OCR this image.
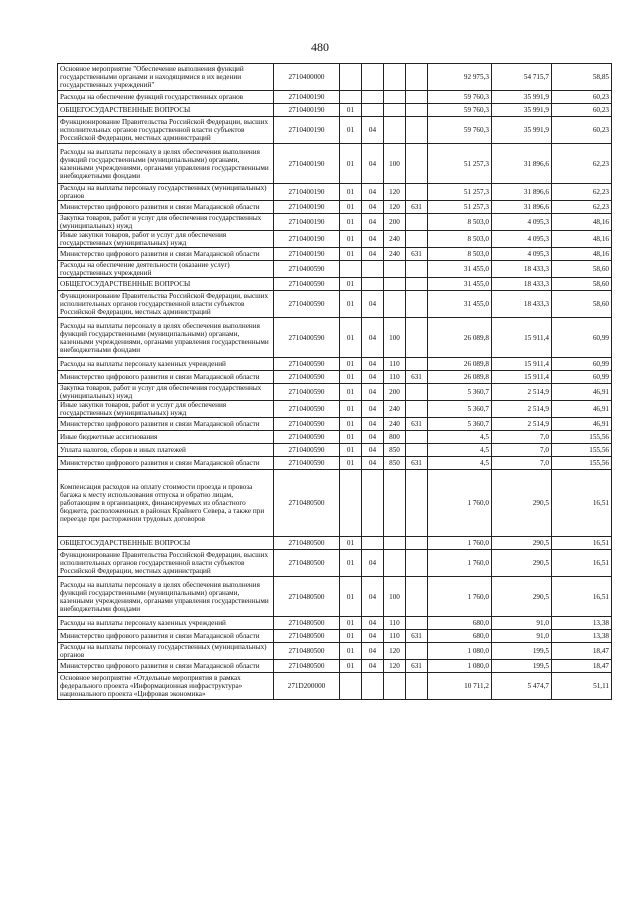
480
Основное мероприятие "Обеспечение выполнения функций государственными органами и находящимися в их ведении государственных учреждений"	2710400000					92 975,3	54 715,7	58,85
Расходы на обеспечение функций государственных органов	2710400190					59 760,3	35 991,9	60,23
ОБЩЕГОСУДАРСТВЕННЫЕ ВОПРОСЫ	2710400190	01				59 760,3	35 991,9	60,23
Функционирование Правительства Российской Федерации, высших исполнительных органов государственной власти субъектов Российской Федерации, местных администраций	2710400190	01	04			59 760,3	35 991,9	60,23
Расходы на выплаты персоналу в целях обеспечения выполнения функций государственными (муниципальными) органами, казенными учреждениями, органами управления государственными внебюджетными фондами	2710400190	01	04	100		51 257,3	31 896,6	62,23
Расходы на выплаты персоналу государственных (муниципальных) органов	2710400190	01	04	120		51 257,3	31 896,6	62,23
Министерство цифрового развития и связи Магаданской области	2710400190	01	04	120	631	51 257,3	31 896,6	62,23
Закупка товаров, работ и услуг для обеспечения государственных (муниципальных) нужд	2710400190	01	04	200		8 503,0	4 095,3	48,16
Иные закупки товаров, работ и услуг для обеспечения государственных (муниципальных) нужд	2710400190	01	04	240		8 503,0	4 095,3	48,16
Министерство цифрового развития и связи Магаданской области	2710400190	01	04	240	631	8 503,0	4 095,3	48,16
Расходы на обеспечение деятельности (оказание услуг) государственных учреждений	2710400590					31 455,0	18 433,3	58,60
ОБЩЕГОСУДАРСТВЕННЫЕ ВОПРОСЫ	2710400590	01				31 455,0	18 433,3	58,60
Функционирование Правительства Российской Федерации, высших исполнительных органов государственной власти субъектов Российской Федерации, местных администраций	2710400590	01	04			31 455,0	18 433,3	58,60
Расходы на выплаты персоналу в целях обеспечения выполнения функций государственными (муниципальными) органами, казенными учреждениями, органами управления государственными внебюджетными фондами	2710400590	01	04	100		26 089,8	15 911,4	60,99
Расходы на выплаты персоналу казенных учреждений	2710400590	01	04	110		26 089,8	15 911,4	60,99
Министерство цифрового развития и связи Магаданской области	2710400590	01	04	110	631	26 089,8	15 911,4	60,99
Закупка товаров, работ и услуг для обеспечения государственных (муниципальных) нужд	2710400590	01	04	200		5 360,7	2 514,9	46,91
Иные закупки товаров, работ и услуг для обеспечения государственных (муниципальных) нужд	2710400590	01	04	240		5 360,7	2 514,9	46,91
Министерство цифрового развития и связи Магаданской области	2710400590	01	04	240	631	5 360,7	2 514,9	46,91
Иные бюджетные ассигнования	2710400590	01	04	800		4,5	7,0	155,56
Уплата налогов, сборов и иных платежей	2710400590	01	04	850		4,5	7,0	155,56
Министерство цифрового развития и связи Магаданской области	2710400590	01	04	850	631	4,5	7,0	155,56
Компенсация расходов на оплату стоимости проезда и провоза багажа к месту использования отпуска и обратно лицам, работающим в организациях, финансируемых из областного бюджета, расположенных в районах Крайнего Севера, а также при переезде при расторжении трудовых договоров	2710480500					1 760,0	290,5	16,51
ОБЩЕГОСУДАРСТВЕННЫЕ ВОПРОСЫ	2710480500	01				1 760,0	290,5	16,51
Функционирование Правительства Российской Федерации, высших исполнительных органов государственной власти субъектов Российской Федерации, местных администраций	2710480500	01	04			1 760,0	290,5	16,51
Расходы на выплаты персоналу в целях обеспечения выполнения функций государственными (муниципальными) органами, казенными учреждениями, органами управления государственными внебюджетными фондами	2710480500	01	04	100		1 760,0	290,5	16,51
Расходы на выплаты персоналу казенных учреждений	2710480500	01	04	110		680,0	91,0	13,38
Министерство цифрового развития и связи Магаданской области	2710480500	01	04	110	631	680,0	91,0	13,38
Расходы на выплаты персоналу государственных (муниципальных) органов	2710480500	01	04	120		1 080,0	199,5	18,47
Министерство цифрового развития и связи Магаданской области	2710480500	01	04	120	631	1 080,0	199,5	18,47
Основное мероприятие «Отдельные мероприятия в рамках федерального проекта «Информационная инфраструктура» национального проекта «Цифровая экономика»	271D200000					10 711,2	5 474,7	51,11
